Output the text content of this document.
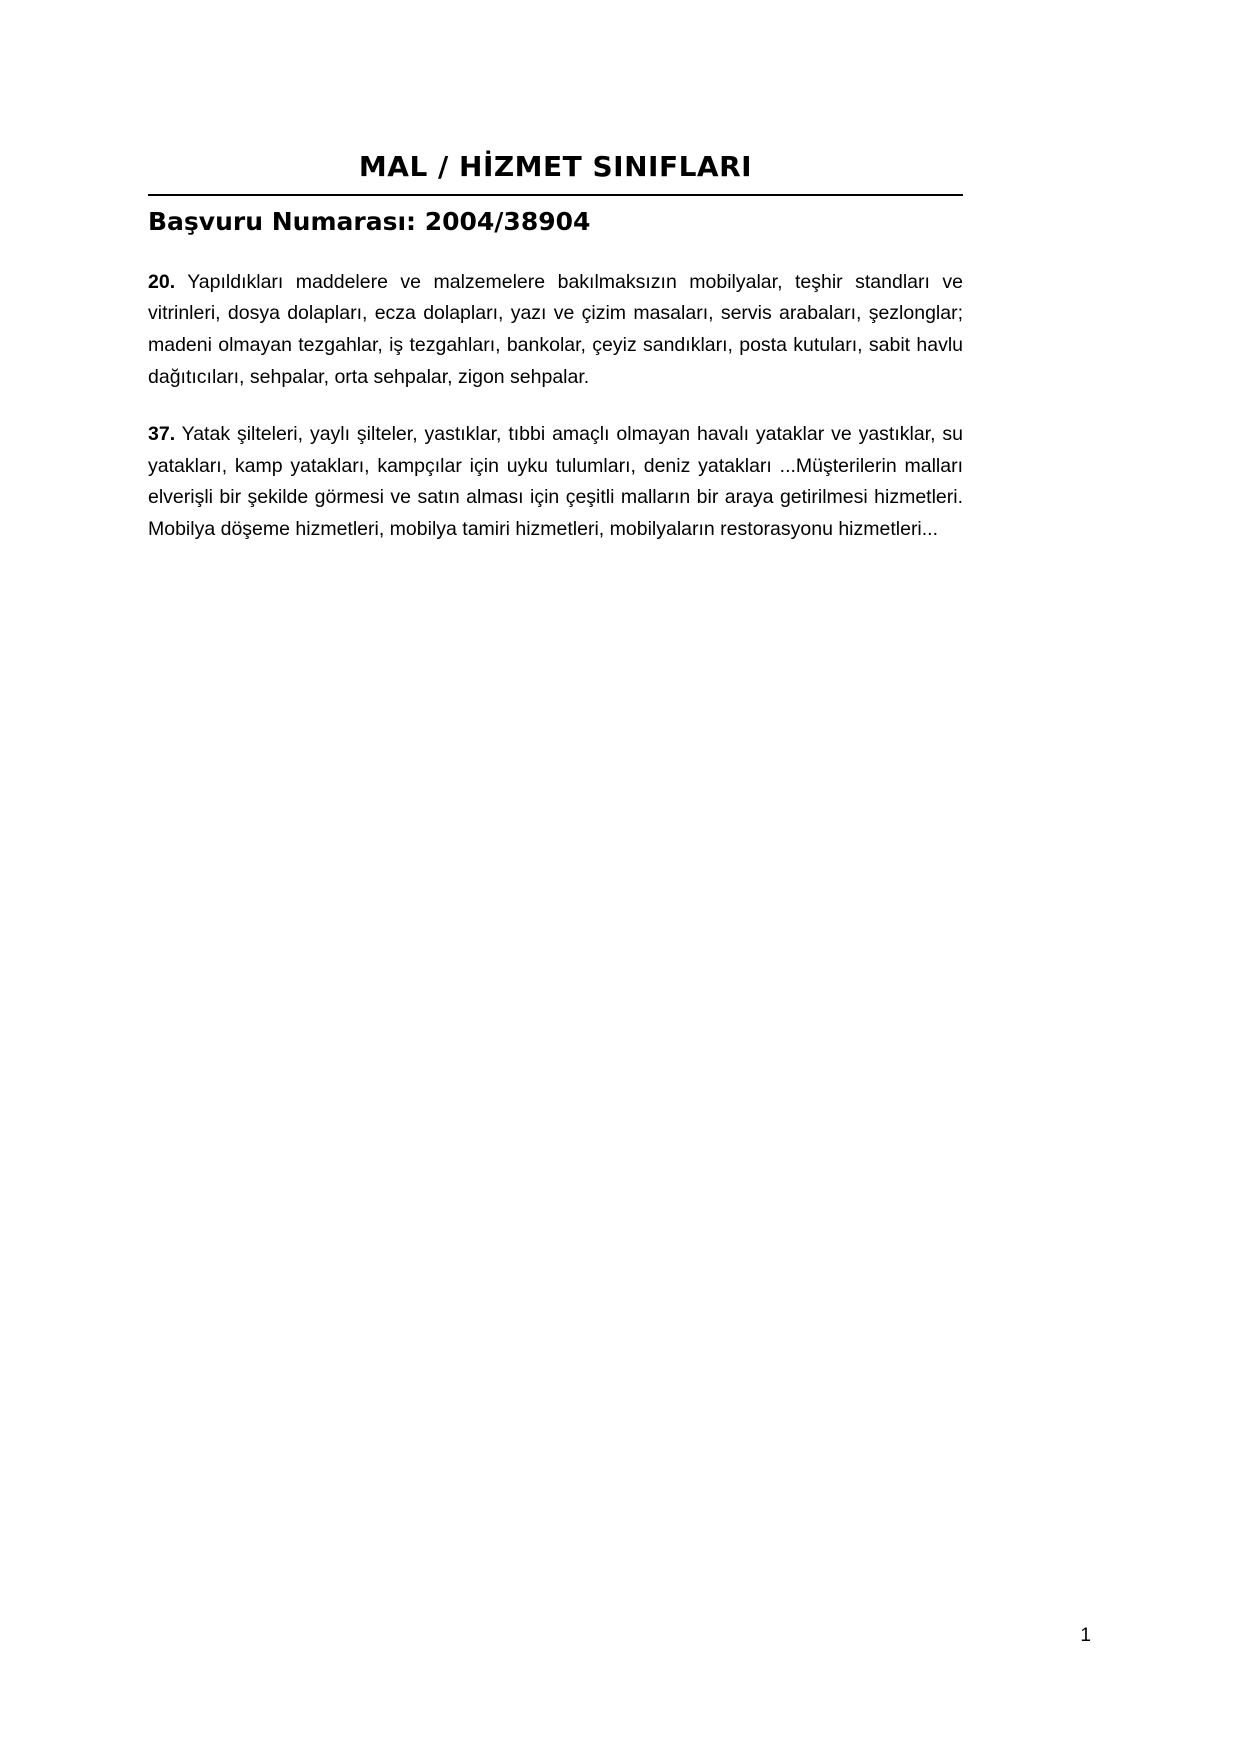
MAL / HİZMET SINIFLARI
Başvuru Numarası: 2004/38904

20. Yapıldıkları maddelere ve malzemelere bakılmaksızın mobilyalar, teşhir standları ve vitrinleri, dosya dolapları, ecza dolapları, yazı ve çizim masaları, servis arabaları, şezlonglar; madeni olmayan tezgahlar, iş tezgahları, bankolar, çeyiz sandıkları, posta kutuları, sabit havlu dağıtıcıları, sehpalar, orta sehpalar, zigon sehpalar.

37. Yatak şilteleri, yaylı şilteler, yastıklar, tıbbi amaçlı olmayan havalı yataklar ve yastıklar, su yatakları, kamp yatakları, kampçılar için uyku tulumları, deniz yatakları ...Müşterilerin malları elverişli bir şekilde görmesi ve satın alması için çeşitli malların bir araya getirilmesi hizmetleri. Mobilya döşeme hizmetleri, mobilya tamiri hizmetleri, mobilyaların restorasyonu hizmetleri...

1
